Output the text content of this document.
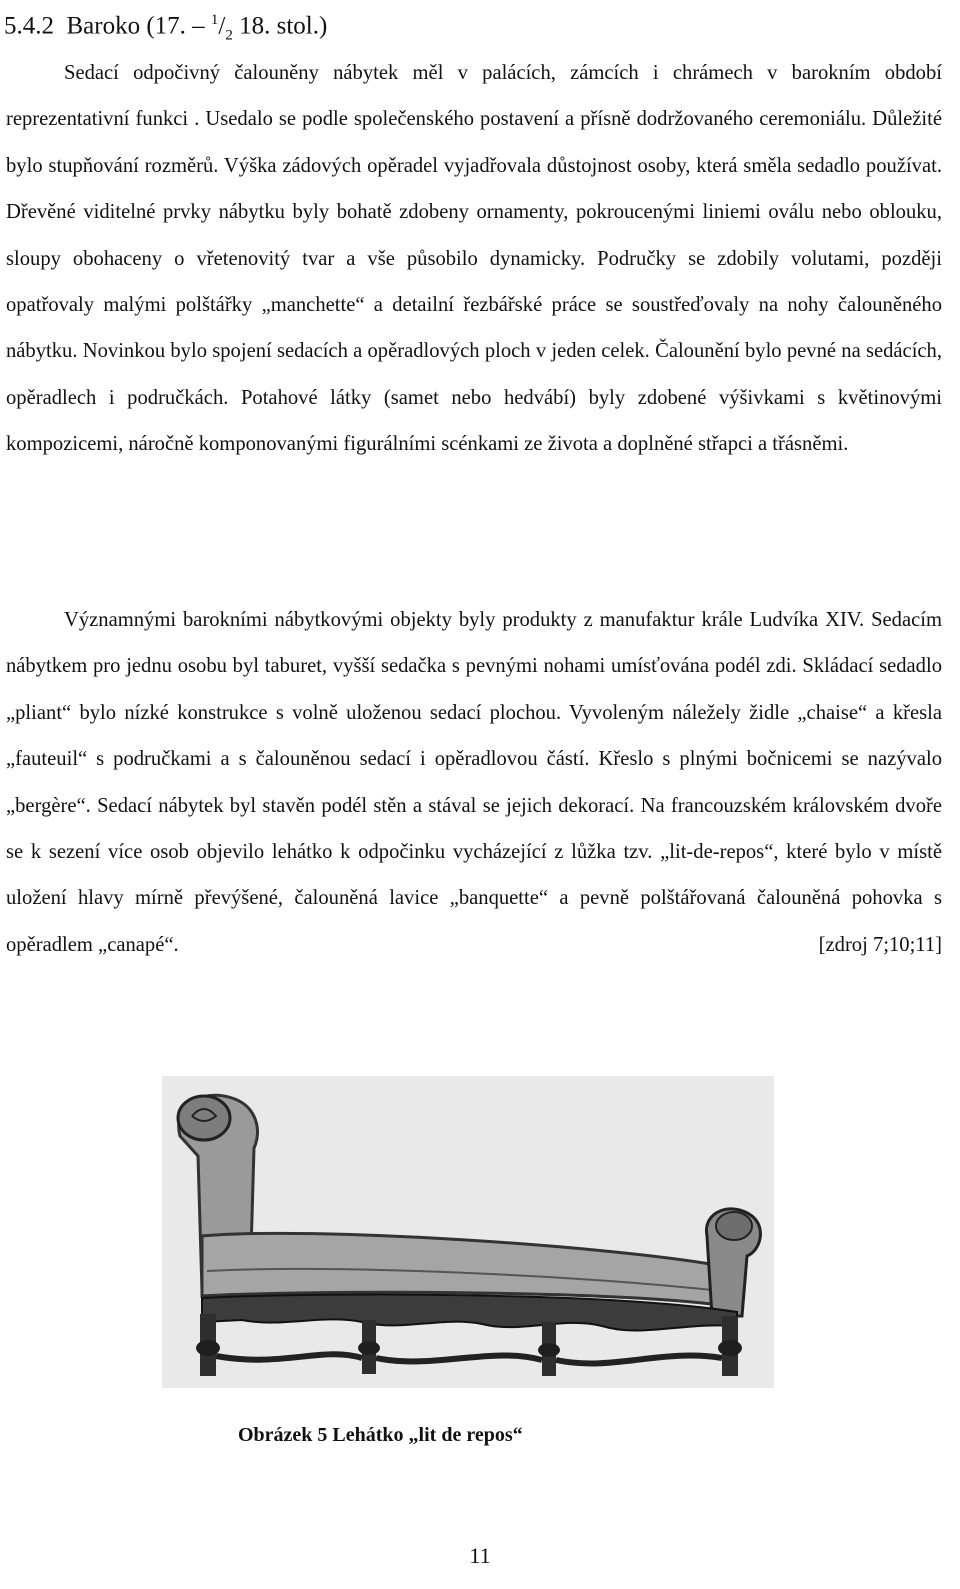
5.4.2 Baroko (17. – $^1/_2$ 18. stol.)

Sedací odpočivný čalouněny nábytek měl v palácích, zámcích i chrámech v barokním období reprezentativní funkci . Usedalo se podle společenského postavení a přísně dodržovaného ceremoniálu. Důležité bylo stupňování rozměrů. Výška zádových opěradel vyjadřovala důstojnost osoby, která směla sedadlo používat. Dřevěné viditelné prvky nábytku byly bohatě zdobeny ornamenty, pokroucenými liniemi oválu nebo oblouku, sloupy obohaceny o vřetenovitý tvar a vše působilo dynamicky. Područky se zdobily volutami, později opatřovaly malými polštářky „manchette“ a detailní řezbářské práce se soustřeďovaly na nohy čalouněného nábytku. Novinkou bylo spojení sedacích a opěradlových ploch v jeden celek. Čalounění bylo pevné na sedácích, opěradlech i područkách. Potahové látky (samet nebo hedvábí) byly zdobené výšivkami s květinovými kompozicemi, náročně komponovanými figurálními scénkami ze života a doplněné střapci a třásněmi.

Významnými barokními nábytkovými objekty byly produkty z manufaktur krále Ludvíka XIV. Sedacím nábytkem pro jednu osobu byl taburet, vyšší sedačka s pevnými nohami umísťována podél zdi. Skládací sedadlo „pliant“ bylo nízké konstrukce s volně uloženou sedací plochou. Vyvoleným náležely židle „chaise“ a křesla „fauteuil“ s područkami a s čalouněnou sedací i opěradlovou částí. Křeslo s plnými bočnicemi se nazývalo „bergère“. Sedací nábytek byl stavěn podél stěn a stával se jejich dekorací. Na francouzském královském dvoře se k sezení více osob objevilo lehátko k odpočinku vycházející z lůžka tzv. „lit-de-repos“, které bylo v místě uložení hlavy mírně převýšené, čalouněná lavice „banquette“ a pevně polštářovaná čalouněná pohovka s opěradlem „canapé“.	[zdroj 7;10;11]

Obrázek 5 Lehátko „lit de repos“
11
